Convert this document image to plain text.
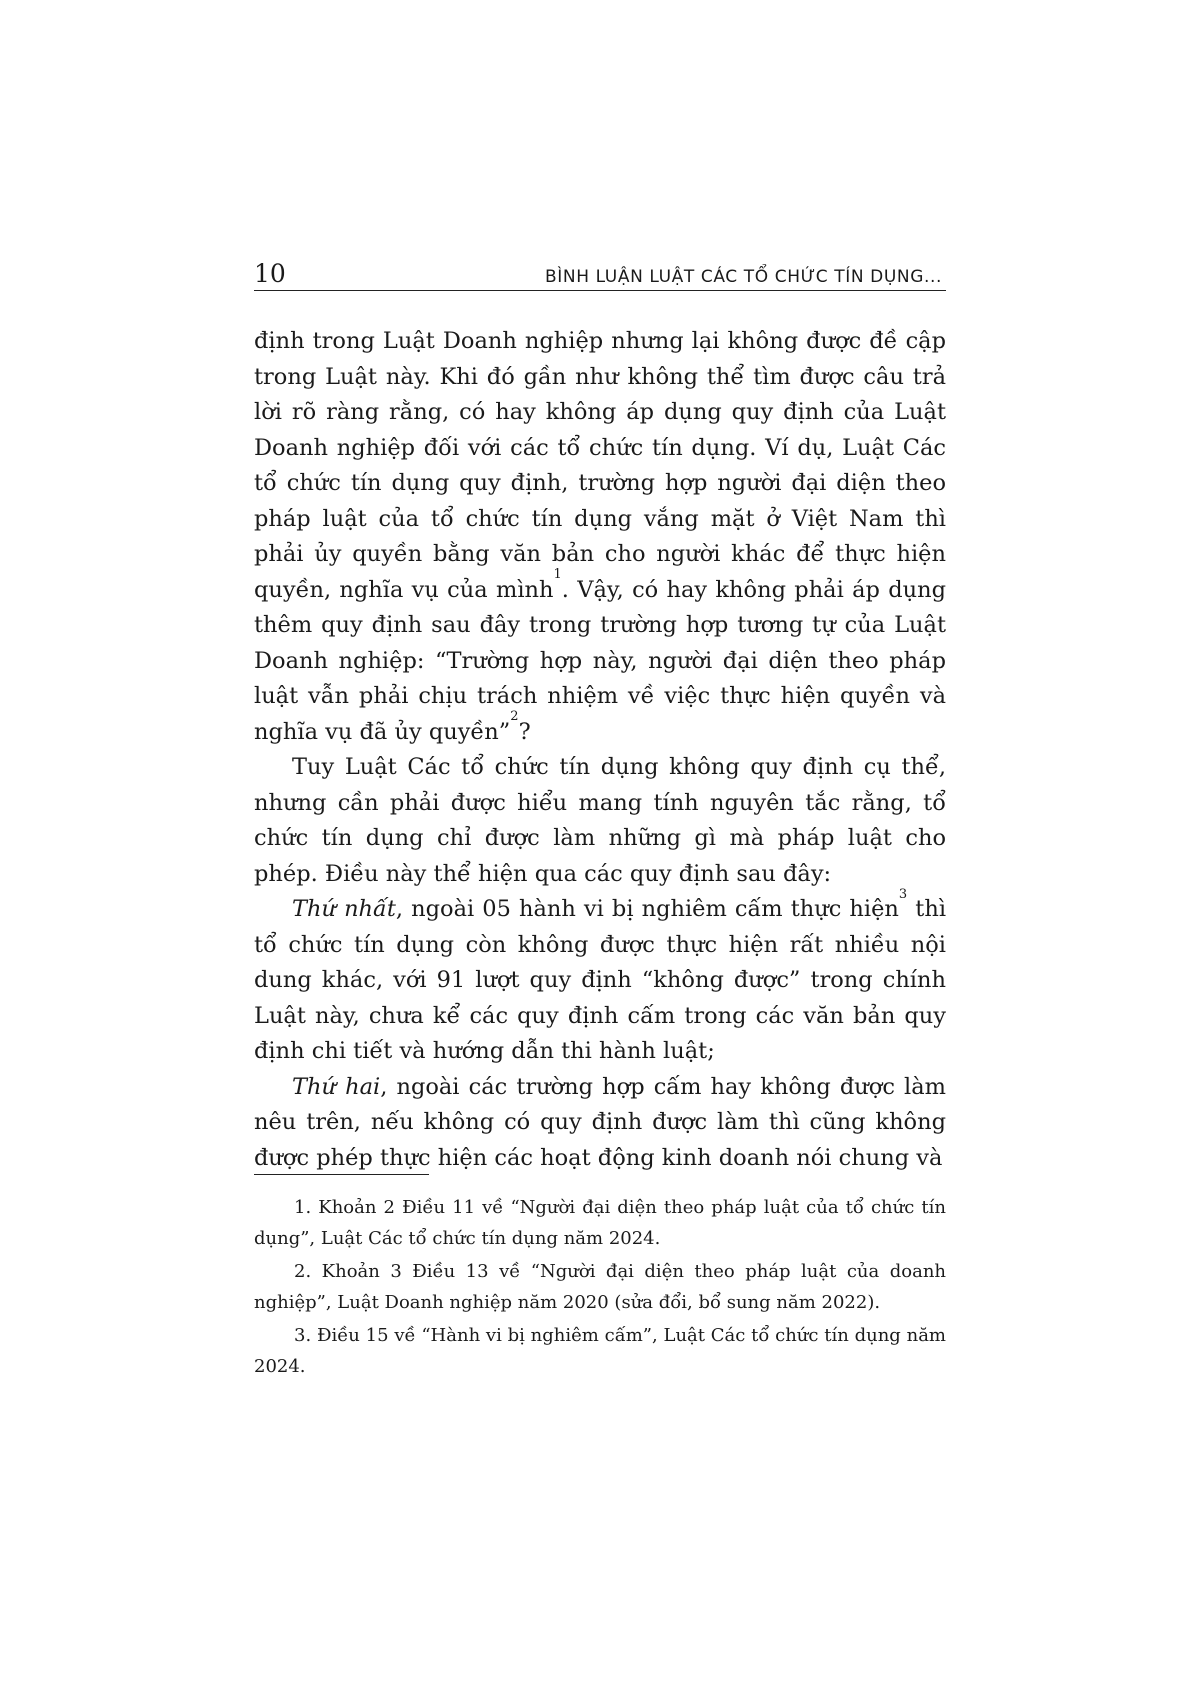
10	BÌNH LUẬN LUẬT CÁC TỔ CHỨC TÍN DỤNG...

định trong Luật Doanh nghiệp nhưng lại không được đề cập trong Luật này. Khi đó gần như không thể tìm được câu trả lời rõ ràng rằng, có hay không áp dụng quy định của Luật Doanh nghiệp đối với các tổ chức tín dụng. Ví dụ, Luật Các tổ chức tín dụng quy định, trường hợp người đại diện theo pháp luật của tổ chức tín dụng vắng mặt ở Việt Nam thì phải ủy quyền bằng văn bản cho người khác để thực hiện quyền, nghĩa vụ của mình$^1$. Vậy, có hay không phải áp dụng thêm quy định sau đây trong trường hợp tương tự của Luật Doanh nghiệp: “Trường hợp này, người đại diện theo pháp luật vẫn phải chịu trách nhiệm về việc thực hiện quyền và nghĩa vụ đã ủy quyền”$^2$?

Tuy Luật Các tổ chức tín dụng không quy định cụ thể, nhưng cần phải được hiểu mang tính nguyên tắc rằng, tổ chức tín dụng chỉ được làm những gì mà pháp luật cho phép. Điều này thể hiện qua các quy định sau đây:

Thứ nhất, ngoài 05 hành vi bị nghiêm cấm thực hiện$^3$ thì tổ chức tín dụng còn không được thực hiện rất nhiều nội dung khác, với 91 lượt quy định “không được” trong chính Luật này, chưa kể các quy định cấm trong các văn bản quy định chi tiết và hướng dẫn thi hành luật;

Thứ hai, ngoài các trường hợp cấm hay không được làm nêu trên, nếu không có quy định được làm thì cũng không được phép thực hiện các hoạt động kinh doanh nói chung và

1. Khoản 2 Điều 11 về “Người đại diện theo pháp luật của tổ chức tín dụng”, Luật Các tổ chức tín dụng năm 2024.

2. Khoản 3 Điều 13 về “Người đại diện theo pháp luật của doanh nghiệp”, Luật Doanh nghiệp năm 2020 (sửa đổi, bổ sung năm 2022).

3. Điều 15 về “Hành vi bị nghiêm cấm”, Luật Các tổ chức tín dụng năm 2024.
